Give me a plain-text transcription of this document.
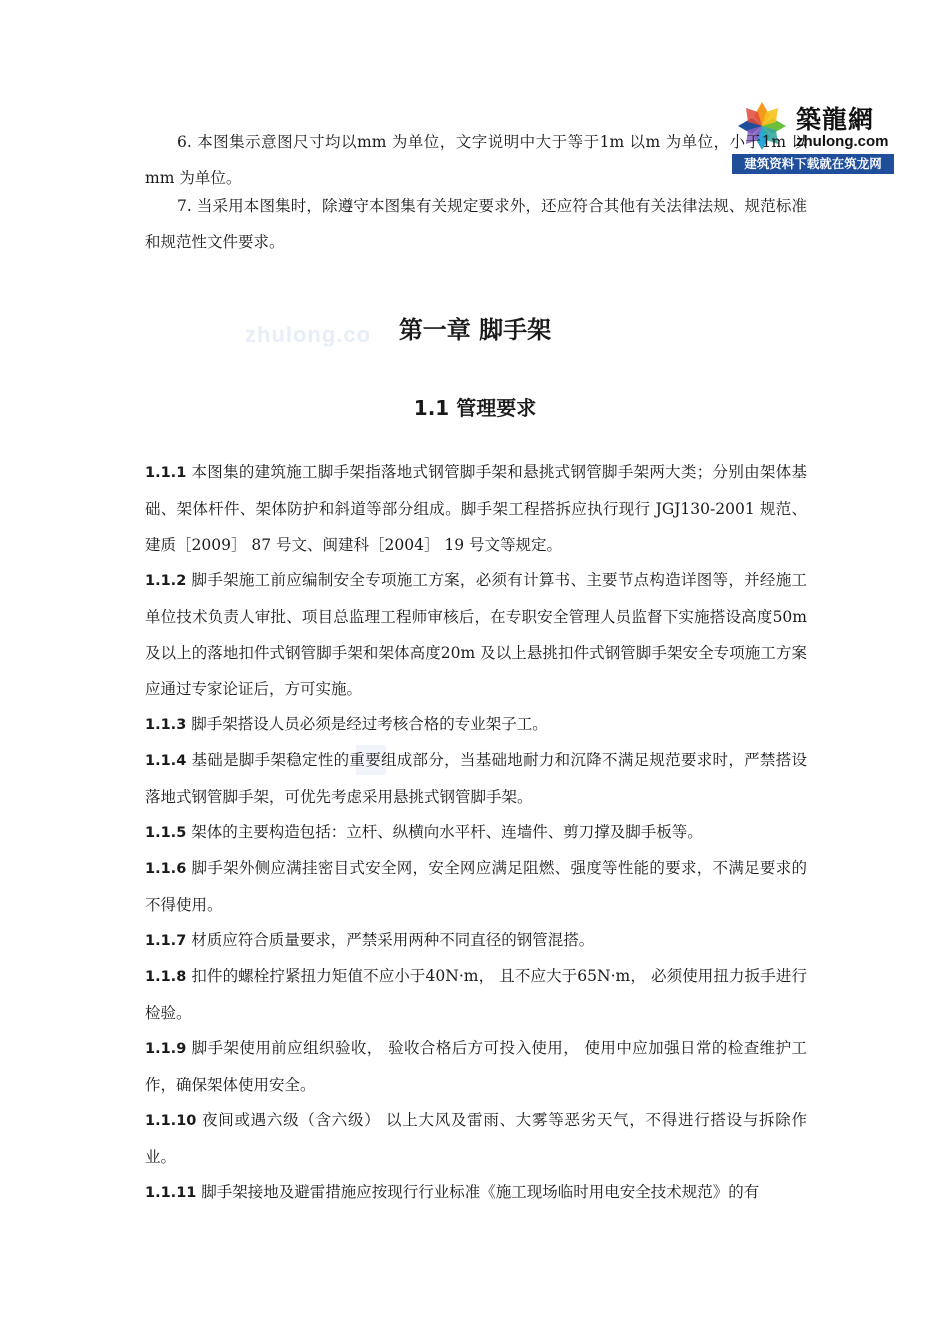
zhulong.co
築龍網
zhulong.com
建筑资料下载就在筑龙网

6. 本图集示意图尺寸均以mm 为单位，文字说明中大于等于1m 以m 为单位，小于1m 以mm 为单位。

7. 当采用本图集时，除遵守本图集有关规定要求外，还应符合其他有关法律法规、规范标准和规范性文件要求。

第一章 脚手架
1.1 管理要求

1.1.1 本图集的建筑施工脚手架指落地式钢管脚手架和悬挑式钢管脚手架两大类；分别由架体基础、架体杆件、架体防护和斜道等部分组成。脚手架工程搭拆应执行现行 JGJ130-2001 规范、建质［2009］ 87 号文、闽建科［2004］ 19 号文等规定。

1.1.2 脚手架施工前应编制安全专项施工方案，必须有计算书、主要节点构造详图等，并经施工单位技术负责人审批、项目总监理工程师审核后，在专职安全管理人员监督下实施搭设高度50m 及以上的落地扣件式钢管脚手架和架体高度20m 及以上悬挑扣件式钢管脚手架安全专项施工方案应通过专家论证后，方可实施。

1.1.3 脚手架搭设人员必须是经过考核合格的专业架子工。

1.1.4 基础是脚手架稳定性的重要组成部分，当基础地耐力和沉降不满足规范要求时，严禁搭设落地式钢管脚手架，可优先考虑采用悬挑式钢管脚手架。

1.1.5 架体的主要构造包括：立杆、纵横向水平杆、连墙件、剪刀撑及脚手板等。

1.1.6 脚手架外侧应满挂密目式安全网，安全网应满足阻燃、强度等性能的要求，不满足要求的不得使用。

1.1.7 材质应符合质量要求，严禁采用两种不同直径的钢管混搭。

1.1.8 扣件的螺栓拧紧扭力矩值不应小于40N·m， 且不应大于65N·m， 必须使用扭力扳手进行检验。

1.1.9 脚手架使用前应组织验收， 验收合格后方可投入使用， 使用中应加强日常的检查维护工作，确保架体使用安全。

1.1.10 夜间或遇六级（含六级） 以上大风及雷雨、大雾等恶劣天气，不得进行搭设与拆除作业。

1.1.11 脚手架接地及避雷措施应按现行行业标准《施工现场临时用电安全技术规范》的有
